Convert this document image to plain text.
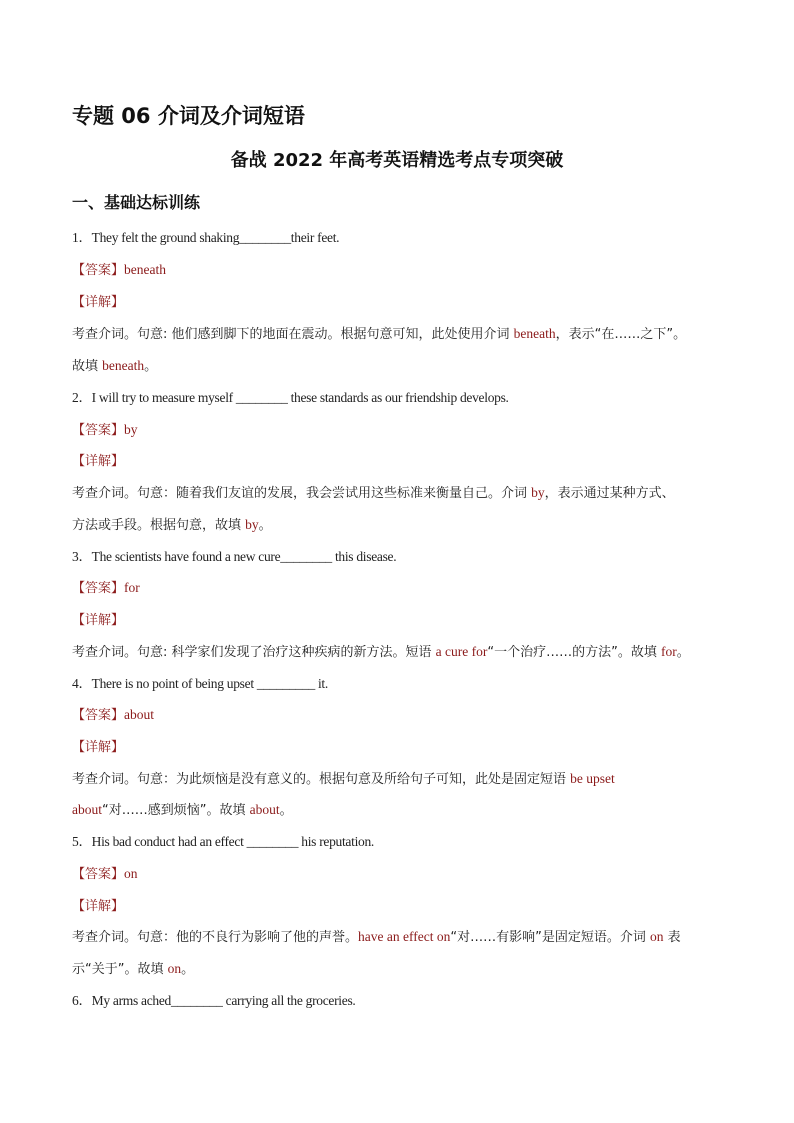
专题 06 介词及介词短语
备战 2022 年高考英语精选考点专项突破
一、基础达标训练
1．They felt the ground shaking________their feet.
【答案】beneath
【详解】
考查介词。句意: 他们感到脚下的地面在震动。根据句意可知，此处使用介词 beneath，表示“在……之下”。
故填 beneath。
2．I will try to measure myself ________ these standards as our friendship develops.
【答案】by
【详解】
考查介词。句意：随着我们友谊的发展，我会尝试用这些标准来衡量自己。介词 by，表示通过某种方式、
方法或手段。根据句意，故填 by。
3．The scientists have found a new cure________ this disease.
【答案】for
【详解】
考查介词。句意: 科学家们发现了治疗这种疾病的新方法。短语 a cure for“一个治疗……的方法”。故填 for。
4．There is no point of being upset _________ it.
【答案】about
【详解】
考查介词。句意：为此烦恼是没有意义的。根据句意及所给句子可知，此处是固定短语 be upset
about“对……感到烦恼”。故填 about。
5．His bad conduct had an effect ________ his reputation.
【答案】on
【详解】
考查介词。句意：他的不良行为影响了他的声誉。have an effect on“对……有影响”是固定短语。介词 on 表
示“关于”。故填 on。
6．My arms ached________ carrying all the groceries.
